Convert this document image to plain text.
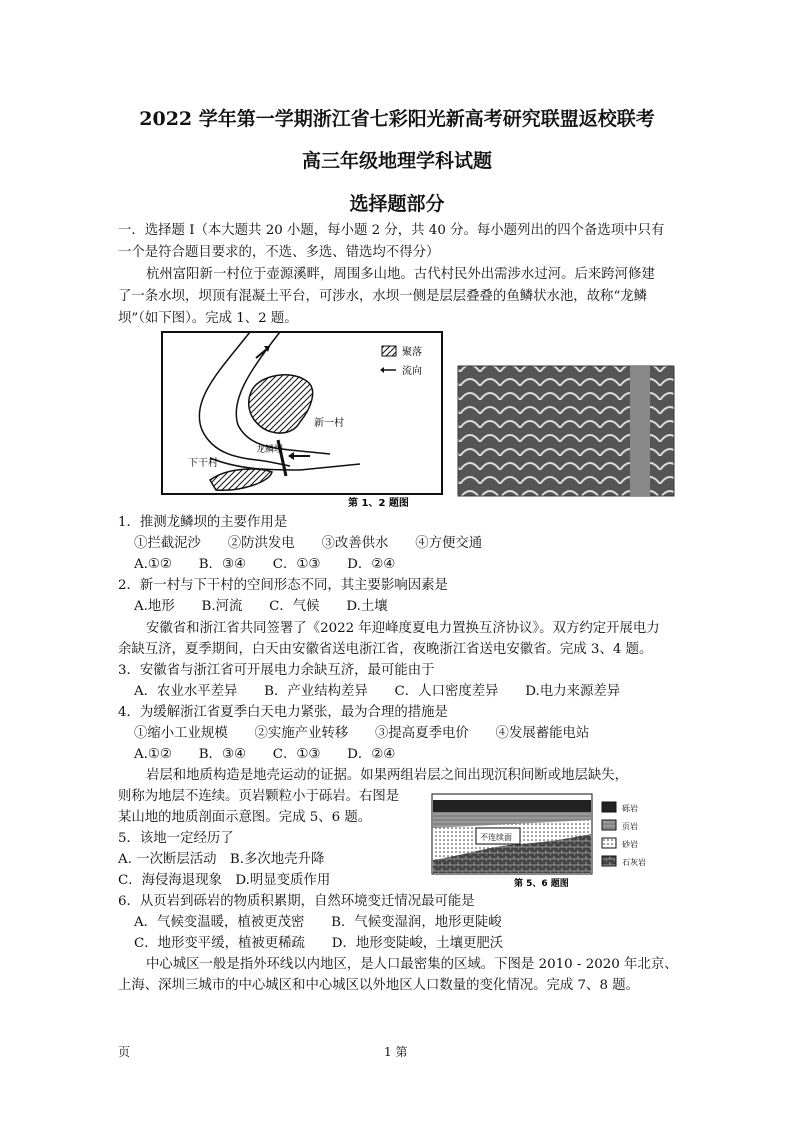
2022 学年第一学期浙江省七彩阳光新高考研究联盟返校联考
高三年级地理学科试题
选择题部分
一．选择题 I（本大题共 20 小题，每小题 2 分，共 40 分。每小题列出的四个备选项中只有
一个是符合题目要求的，不选、多选、错选均不得分）
杭州富阳新一村位于壶源溪畔，周围多山地。古代村民外出需涉水过河。后来跨河修建
了一条水坝，坝顶有混凝土平台，可涉水，水坝一侧是层层叠叠的鱼鳞状水池，故称“龙鳞
坝”（如下图）。完成 1、2 题。
聚落
流向
新一村
下干村
龙鳞坝
第 1、2 题图
1．推测龙鳞坝的主要作用是
①拦截泥沙　　②防洪发电　　③改善供水　　④方便交通
A.①②　　B．③④　　C．①③　　D．②④
2．新一村与下干村的空间形态不同，其主要影响因素是
A.地形　　B.河流　　C．气候　　D.土壤
安徽省和浙江省共同签署了《2022 年迎峰度夏电力置换互济协议》。双方约定开展电力
余缺互济，夏季期间，白天由安徽省送电浙江省，夜晚浙江省送电安徽省。完成 3、4 题。
3．安徽省与浙江省可开展电力余缺互济，最可能由于
A．农业水平差异　　B．产业结构差异　　C．人口密度差异　　D.电力来源差异
4．为缓解浙江省夏季白天电力紧张，最为合理的措施是
①缩小工业规模　　②实施产业转移　　③提高夏季电价　　④发展蓄能电站
A.①②　　B．③④　　C．①③　　D．②④
岩层和地质构造是地壳运动的证据。如果两组岩层之间出现沉积间断或地层缺失，
则称为地层不连续。页岩颗粒小于砾岩。右图是
某山地的地质剖面示意图。完成 5、6 题。
不连续面
砾岩
页岩
砂岩
石灰岩
第 5、6 题图
5．该地一定经历了
A. 一次断层活动　B.多次地壳升降
C．海侵海退现象　D.明显变质作用
6．从页岩到砾岩的物质积累期，自然环境变迁情况最可能是
A．气候变温暖，植被更茂密　　B．气候变湿润，地形更陡峻
C．地形变平缓，植被更稀疏　　D．地形变陡峻，土壤更肥沃
中心城区一般是指外环线以内地区，是人口最密集的区域。下图是 2010 - 2020 年北京、
上海、深圳三城市的中心城区和中心城区以外地区人口数量的变化情况。完成 7、8 题。
页	1 第
